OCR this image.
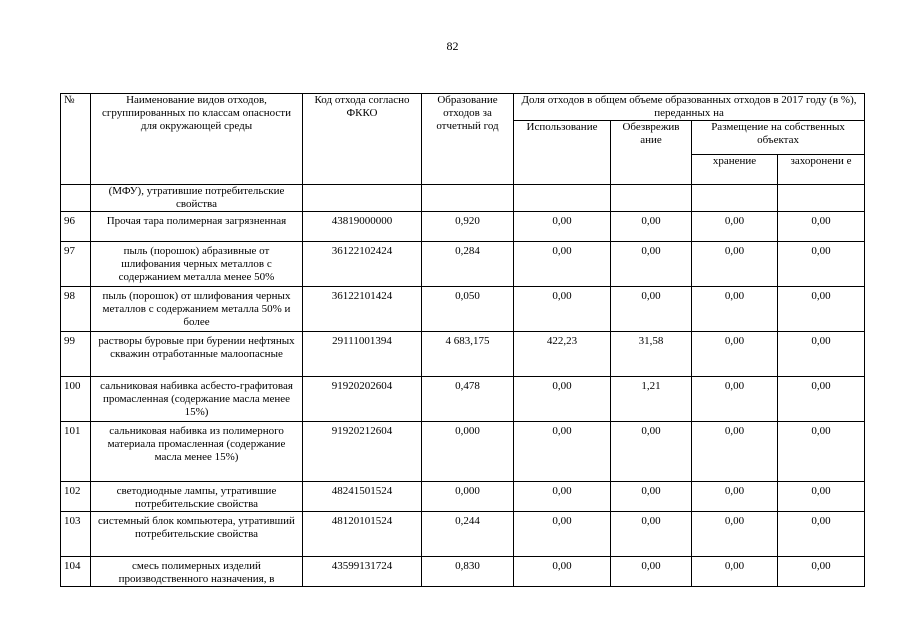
82
№	Наименование видов отходов, сгруппированных по классам опасности для окружающей среды	Код отхода согласно ФККО	Образование отходов за отчетный год	Доля отходов в общем объеме образованных отходов в 2017 году (в %), переданных на			
				Использование	Обезврежив ание	Размещение на собственных объектах	
						хранение	захоронени е
	(МФУ), утратившие потребительские свойства						
96	Прочая тара полимерная загрязненная	43819000000	0,920	0,00	0,00	0,00	0,00
97	пыль (порошок) абразивные от шлифования черных металлов с содержанием металла менее 50%	36122102424	0,284	0,00	0,00	0,00	0,00
98	пыль (порошок) от шлифования черных металлов с содержанием металла 50% и более	36122101424	0,050	0,00	0,00	0,00	0,00
99	растворы буровые при бурении нефтяных скважин отработанные малоопасные	29111001394	4 683,175	422,23	31,58	0,00	0,00
100	сальниковая набивка асбесто-графитовая промасленная (содержание масла менее 15%)	91920202604	0,478	0,00	1,21	0,00	0,00
101	сальниковая набивка из полимерного материала промасленная (содержание масла менее 15%)	91920212604	0,000	0,00	0,00	0,00	0,00
102	светодиодные лампы, утратившие потребительские свойства	48241501524	0,000	0,00	0,00	0,00	0,00
103	системный блок компьютера, утративший потребительские свойства	48120101524	0,244	0,00	0,00	0,00	0,00
104	смесь полимерных изделий производственного назначения, в	43599131724	0,830	0,00	0,00	0,00	0,00
